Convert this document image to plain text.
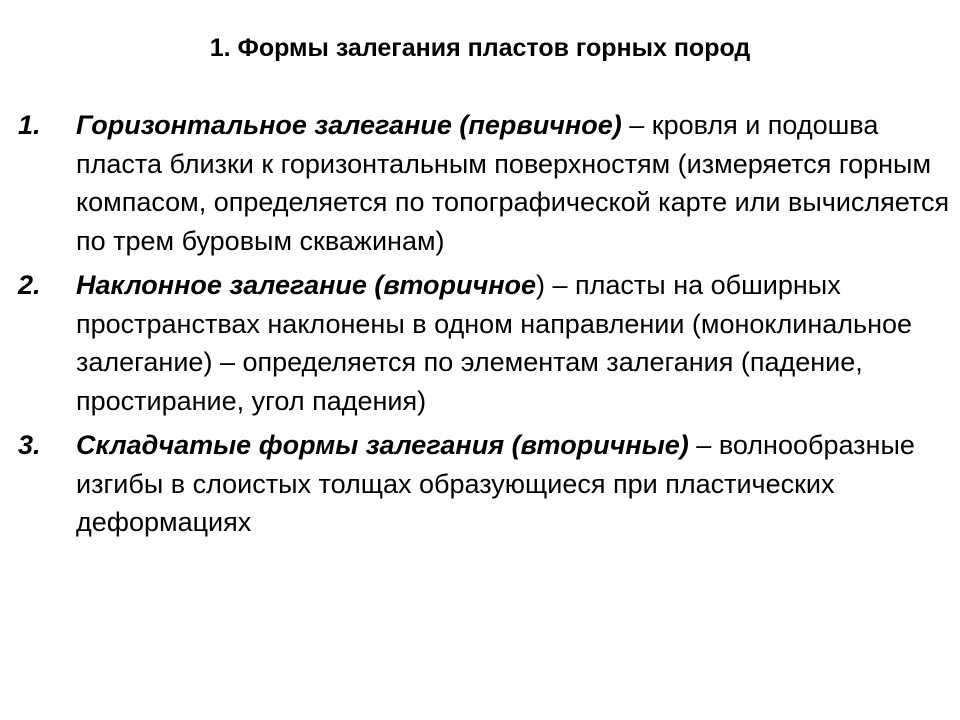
1. Формы залегания пластов горных пород
1. Горизонтальное залегание (первичное) – кровля и подошва пласта близки к горизонтальным поверхностям (измеряется горным компасом, определяется по топографической карте или вычисляется по трем буровым скважинам)
2. Наклонное залегание (вторичное) – пласты на обширных пространствах наклонены в одном направлении (моноклинальное залегание) – определяется по элементам залегания (падение, простирание, угол падения)
3. Складчатые формы залегания (вторичные) – волнообразные изгибы в слоистых толщах образующиеся при пластических деформациях
